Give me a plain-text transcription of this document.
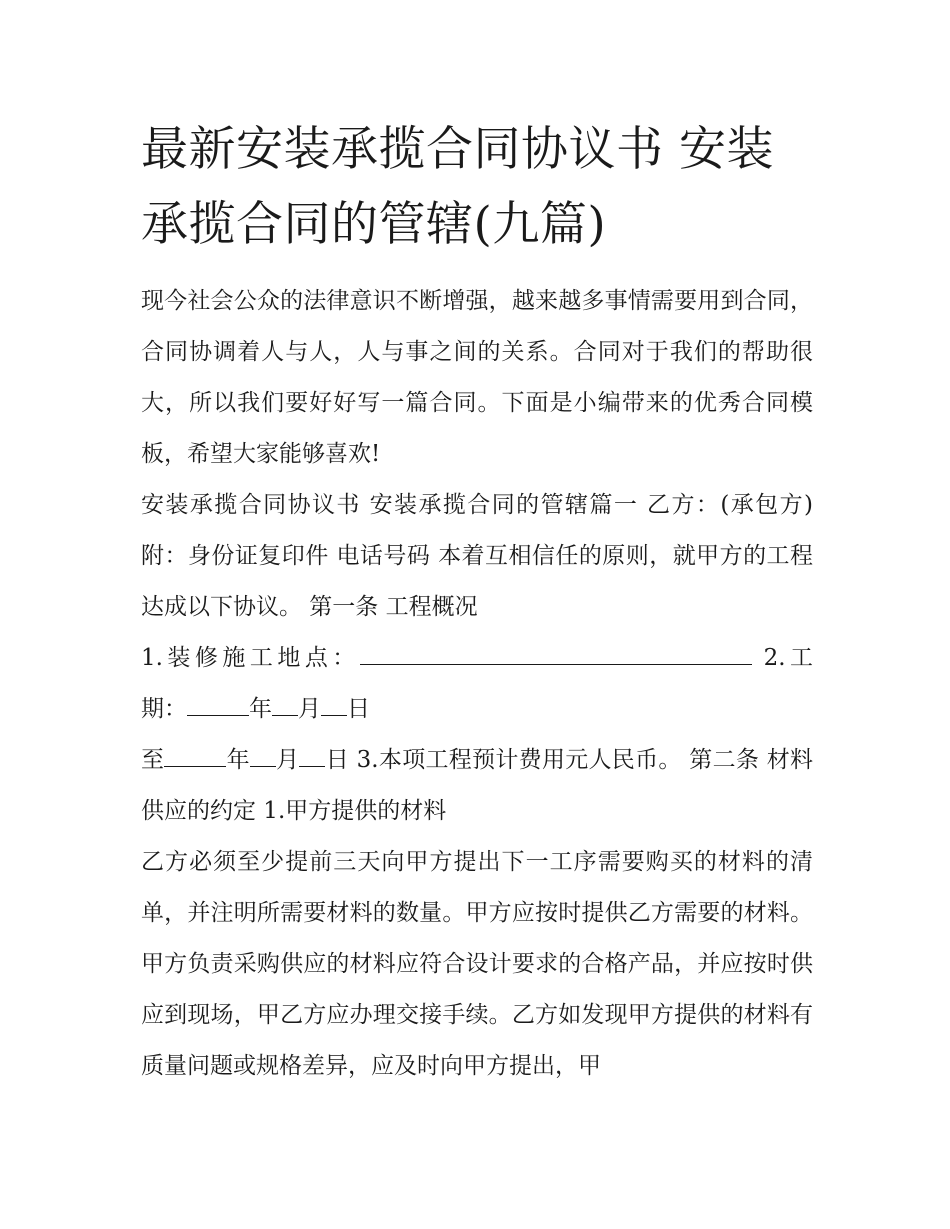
最新安装承揽合同协议书 安装承揽合同的管辖(九篇)

现今社会公众的法律意识不断增强，越来越多事情需要用到合同，合同协调着人与人，人与事之间的关系。合同对于我们的帮助很大，所以我们要好好写一篇合同。下面是小编带来的优秀合同模板，希望大家能够喜欢!

安装承揽合同协议书 安装承揽合同的管辖篇一 乙方：(承包方) 附：身份证复印件 电话号码 本着互相信任的原则，就甲方的工程达成以下协议。 第一条 工程概况

1.装修施工地点：	2.工期：	年 月 日
至	年 月 日 3.本项工程预计费用元人民币。 第二条 材料供应的约定 1.甲方提供的材料

乙方必须至少提前三天向甲方提出下一工序需要购买的材料的清单，并注明所需要材料的数量。甲方应按时提供乙方需要的材料。甲方负责采购供应的材料应符合设计要求的合格产品，并应按时供应到现场，甲乙方应办理交接手续。乙方如发现甲方提供的材料有质量问题或规格差异，应及时向甲方提出，甲
